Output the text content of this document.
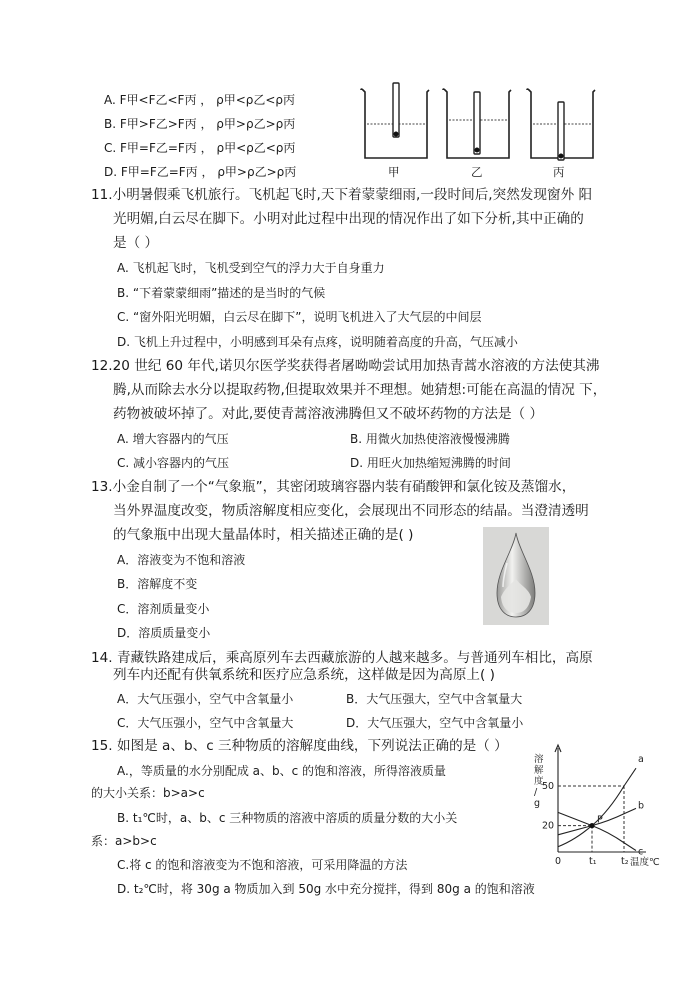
A. F甲<F乙<F丙 ， ρ甲<ρ乙<ρ丙
B. F甲>F乙>F丙 ， ρ甲>ρ乙>ρ丙
C. F甲=F乙=F丙 ， ρ甲<ρ乙<ρ丙
D. F甲=F乙=F丙 ， ρ甲>ρ乙>ρ丙	甲	乙	丙
11.小明暑假乘飞机旅行。飞机起飞时,天下着蒙蒙细雨,一段时间后,突然发现窗外 阳
光明媚,白云尽在脚下。小明对此过程中出现的情况作出了如下分析,其中正确的
是（ ）
A. 飞机起飞时，飞机受到空气的浮力大于自身重力
B. “下着蒙蒙细雨”描述的是当时的气候
C. “窗外阳光明媚，白云尽在脚下”，说明飞机进入了大气层的中间层
D. 飞机上升过程中，小明感到耳朵有点疼，说明随着高度的升高，气压减小
12.20 世纪 60 年代,诺贝尔医学奖获得者屠呦呦尝试用加热青蒿水溶液的方法使其沸
腾,从而除去水分以提取药物,但提取效果并不理想。她猜想:可能在高温的情况 下，
药物被破坏掉了。对此,要使青蒿溶液沸腾但又不破坏药物的方法是（ ）
A. 增大容器内的气压	B. 用微火加热使溶液慢慢沸腾
C. 减小容器内的气压	D. 用旺火加热缩短沸腾的时间
13.小金自制了一个“气象瓶”，其密闭玻璃容器内装有硝酸钾和氯化铵及蒸馏水，
当外界温度改变，物质溶解度相应变化，会展现出不同形态的结晶。当澄清透明
的气象瓶中出现大量晶体时，相关描述正确的是( )
A．溶液变为不饱和溶液
B．溶解度不变
C．溶剂质量变小
D．溶质质量变小
14. 青藏铁路建成后，乘高原列车去西藏旅游的人越来越多。与普通列车相比，高原
列车内还配有供氧系统和医疗应急系统，这样做是因为高原上( )
A．大气压强小，空气中含氧量小	B．大气压强大，空气中含氧量大
C．大气压强小，空气中含氧量大	D．大气压强大，空气中含氧量小
15. 如图是 a、b、c 三种物质的溶解度曲线，下列说法正确的是（ ）
A.，等质量的水分别配成 a、b、c 的饱和溶液，所得溶液质量
的大小关系：b>a>c
B. t₁℃时，a、b、c 三种物质的溶液中溶质的质量分数的大小关
系：a>b>c
C.将 c 的饱和溶液变为不饱和溶液，可采用降温的方法
D. t₂℃时，将 30g a 物质加入到 50g 水中充分搅拌，得到 80g a 的饱和溶液
溶
解
度
/
g
温度℃
20
50
0	t₁	t₂
a
b
c
P
